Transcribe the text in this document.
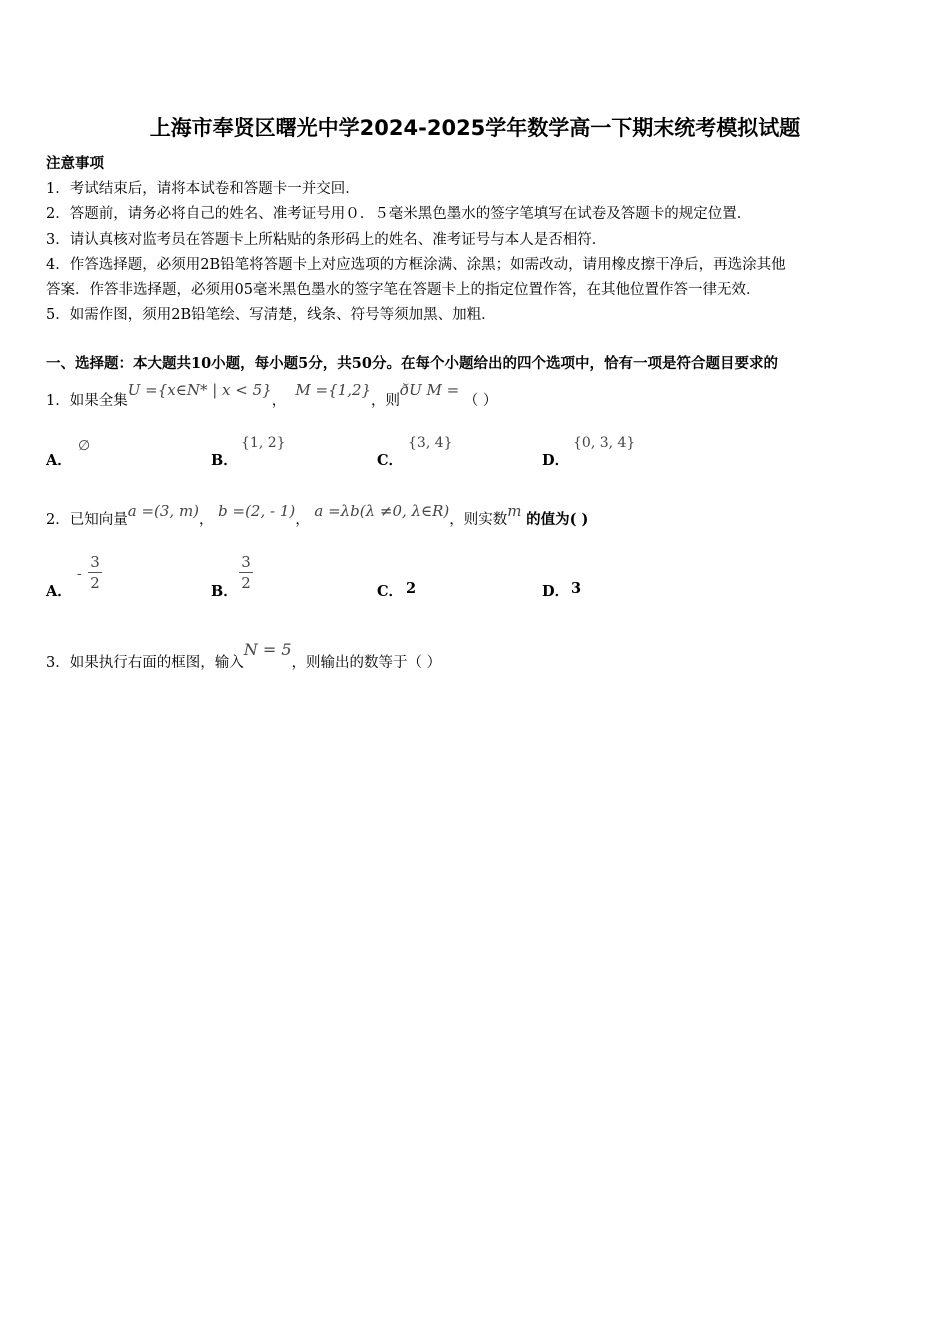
上海市奉贤区曙光中学2024-2025学年数学高一下期末统考模拟试题
注意事项
1．考试结束后，请将本试卷和答题卡一并交回．
2．答题前，请务必将自己的姓名、准考证号用０．５毫米黑色墨水的签字笔填写在试卷及答题卡的规定位置．
3．请认真核对监考员在答题卡上所粘贴的条形码上的姓名、准考证号与本人是否相符．
4．作答选择题，必须用2B铅笔将答题卡上对应选项的方框涂满、涂黑；如需改动，请用橡皮擦干净后，再选涂其他
答案．作答非选择题，必须用05毫米黑色墨水的签字笔在答题卡上的指定位置作答，在其他位置作答一律无效．
5．如需作图，须用2B铅笔绘、写清楚，线条、符号等须加黑、加粗．
一、选择题：本大题共10小题，每小题5分，共50分。在每个小题给出的四个选项中，恰有一项是符合题目要求的
1．如果全集U ={x∈N* | x < 5}，  M ={1,2}，则ðU M = （ ）
A．
∅
B．
{1, 2}
C．
{3, 4}
D．
{0, 3, 4}
2．已知向量a =(3, m)， b =(2, - 1)， a =λb(λ ≠0, λ∈R)，则实数m 的值为( )
A．
-
3
2	B．
3
2	C． 2	D． 3
3．如果执行右面的框图，输入N = 5，则输出的数等于（ ）
